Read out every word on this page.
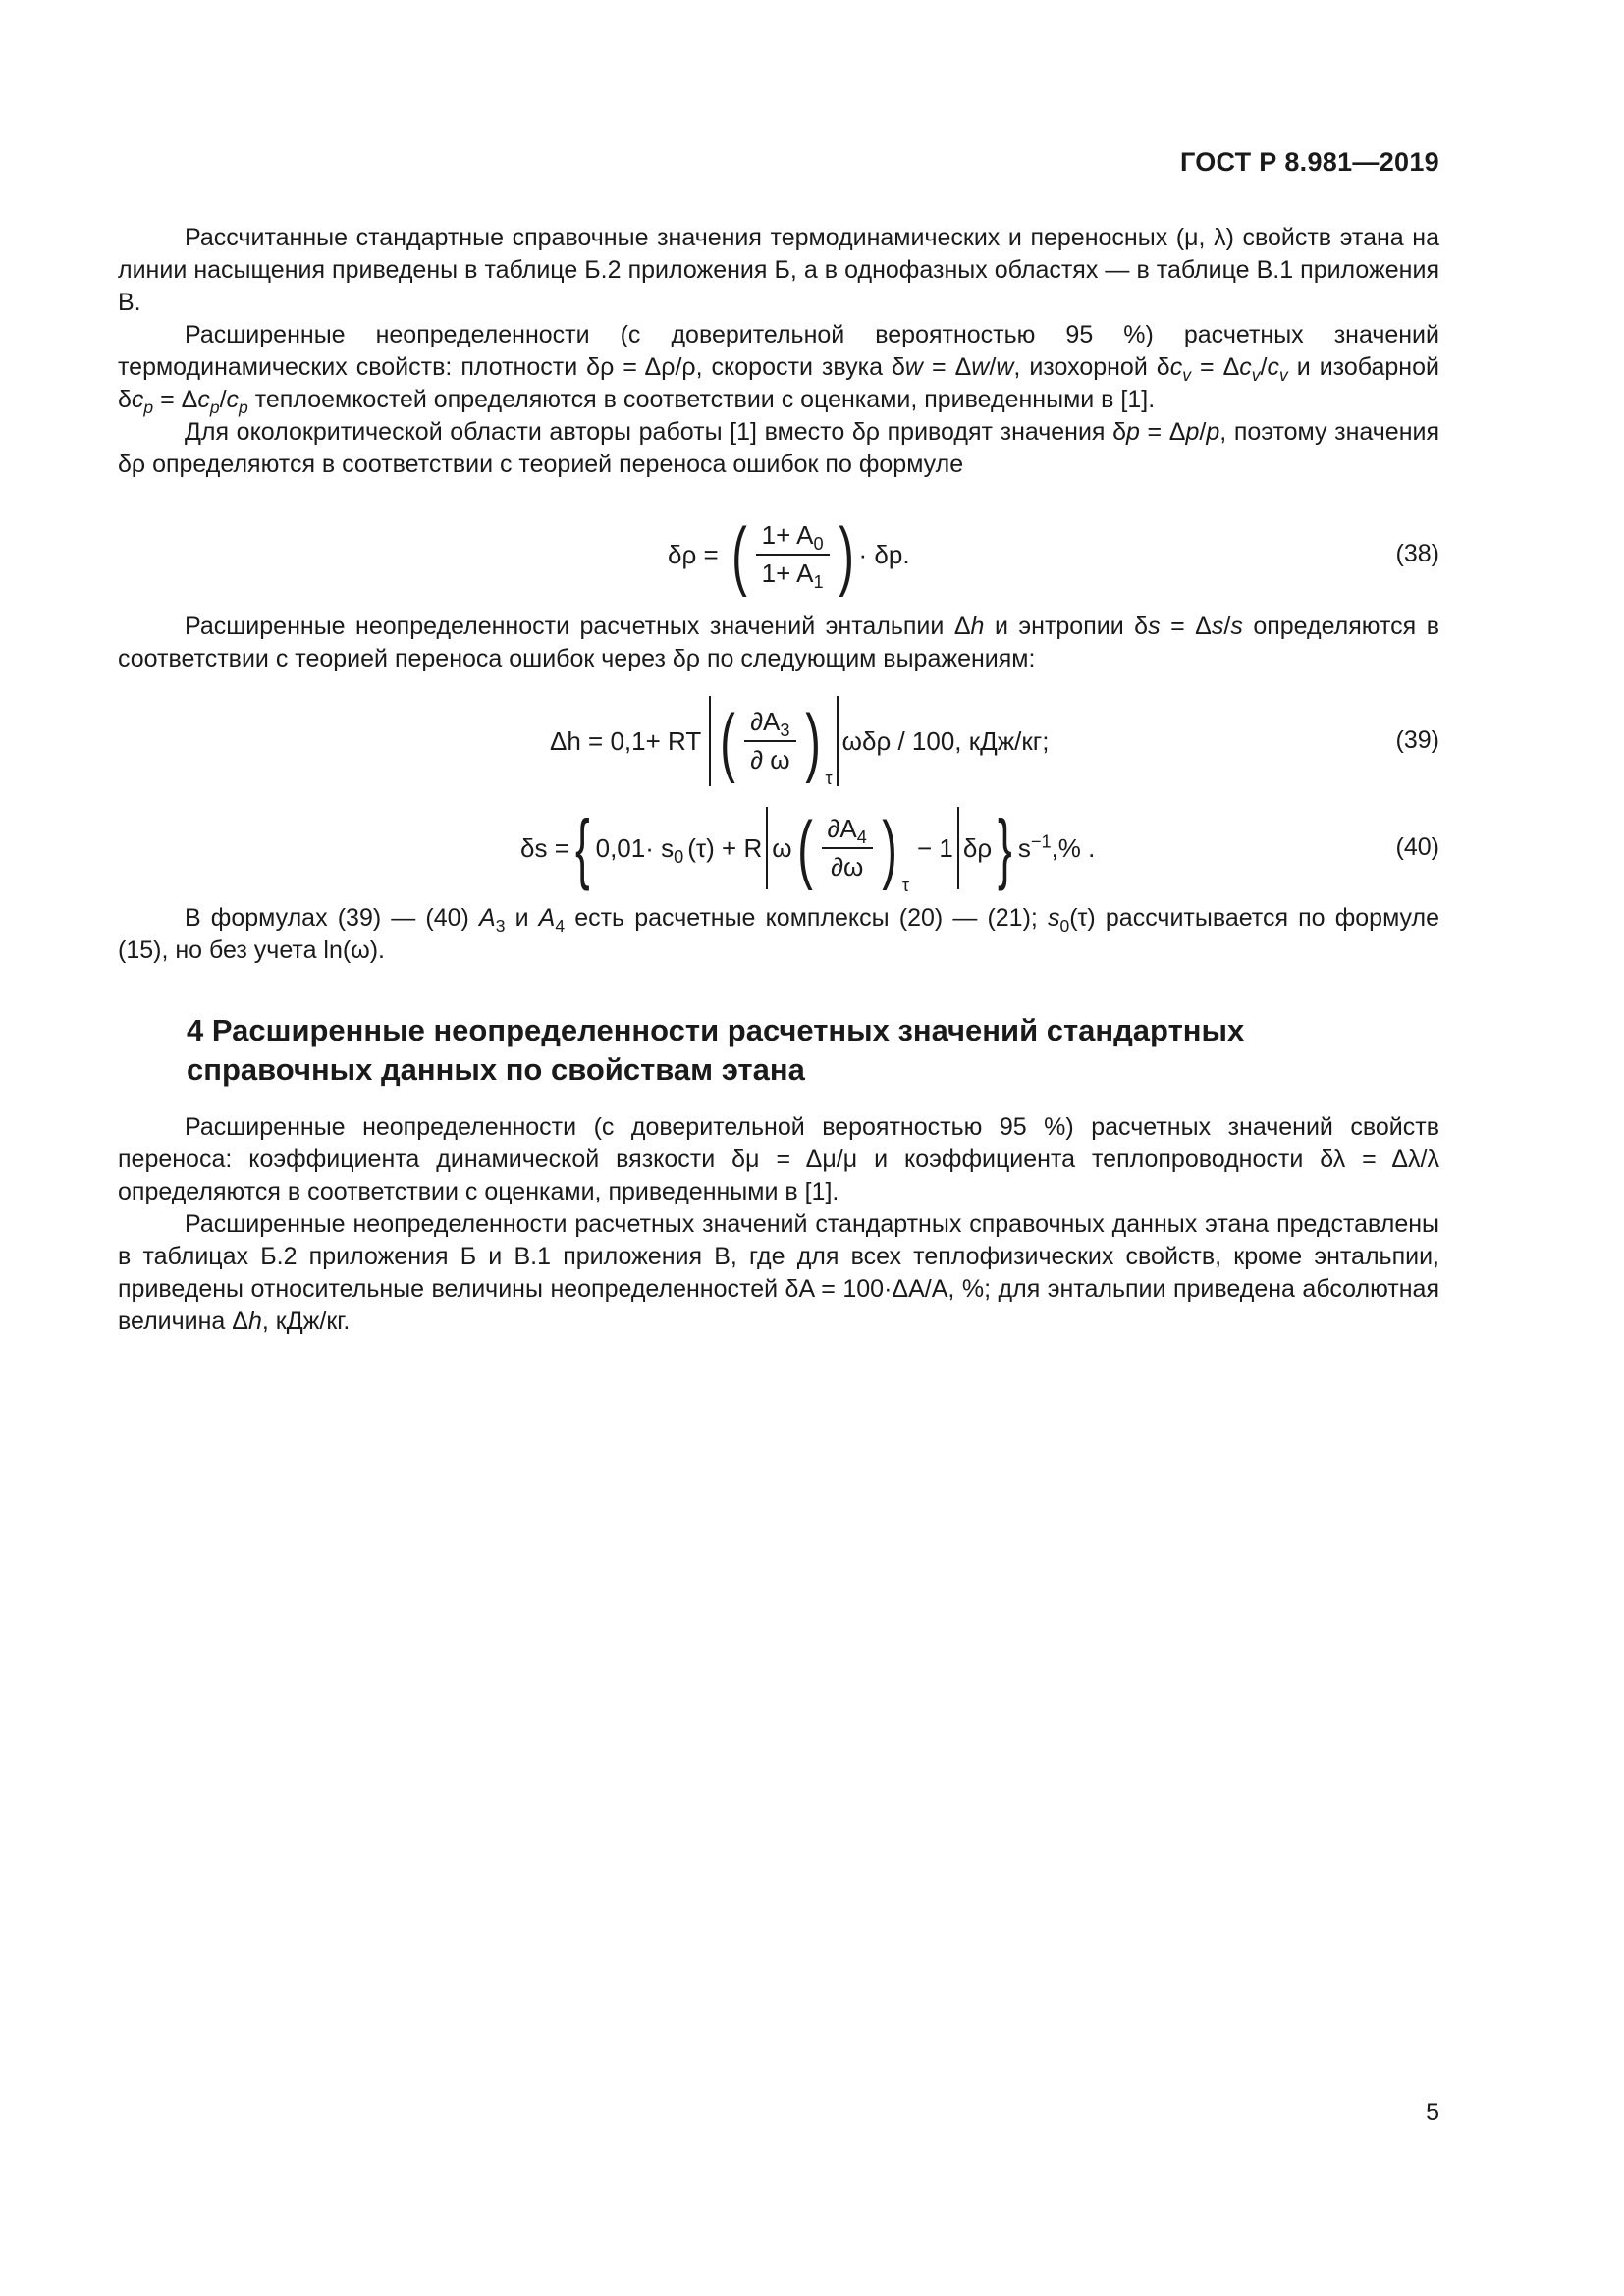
ГОСТ Р 8.981—2019

Рассчитанные стандартные справочные значения термодинамических и переносных (μ, λ) свойств этана на линии насыщения приведены в таблице Б.2 приложения Б, а в однофазных областях — в таблице В.1 приложения В.

Расширенные неопределенности (с доверительной вероятностью 95 %) расчетных значений термодинамических свойств: плотности δρ = Δρ/ρ, скорости звука δw = Δw/w, изохорной $\delta c_v = \Delta c_v/c_v$ и изобарной $\delta c_p = \Delta c_p/c_p$ теплоемкостей определяются в соответствии с оценками, приведенными в [1].

Для околокритической области авторы работы [1] вместо δρ приводят значения δp = Δp/p, поэтому значения δρ определяются в соответствии с теорией переноса ошибок по формуле

δρ = ( $\frac{1+ A_0}{1+ A_1}$ ) · δp.	(38)

Расширенные неопределенности расчетных значений энтальпии Δh и энтропии δs = Δs/s определяются в соответствии с теорией переноса ошибок через δρ по следующим выражениям:

Δh = 0,1+ RT ( $\frac{\partial A_3}{\partial \omega}$ ) τ
ωδρ / 100, кДж/кг;	(39)
δs = { $0,01\cdot s_0$ (τ) + R ω ( $\frac{\partial A_4}{\partial\omega}$ ) τ
− 1 δρ } $s^{-1},\%$ .	(40)

В формулах (39) — (40) $A_3$ и $A_4$ есть расчетные комплексы (20) — (21); $s_0(\tau)$ рассчитывается по формуле (15), но без учета ln(ω).

4 Расширенные неопределенности расчетных значений стандартных справочных данных по свойствам этана

Расширенные неопределенности (с доверительной вероятностью 95 %) расчетных значений свойств переноса: коэффициента динамической вязкости δμ = Δμ/μ и коэффициента теплопроводности δλ = Δλ/λ определяются в соответствии с оценками, приведенными в [1].

Расширенные неопределенности расчетных значений стандартных справочных данных этана представлены в таблицах Б.2 приложения Б и В.1 приложения В, где для всех теплофизических свойств, кроме энтальпии, приведены относительные величины неопределенностей δA = 100·ΔA/A, %; для энтальпии приведена абсолютная величина Δh, кДж/кг.

5
